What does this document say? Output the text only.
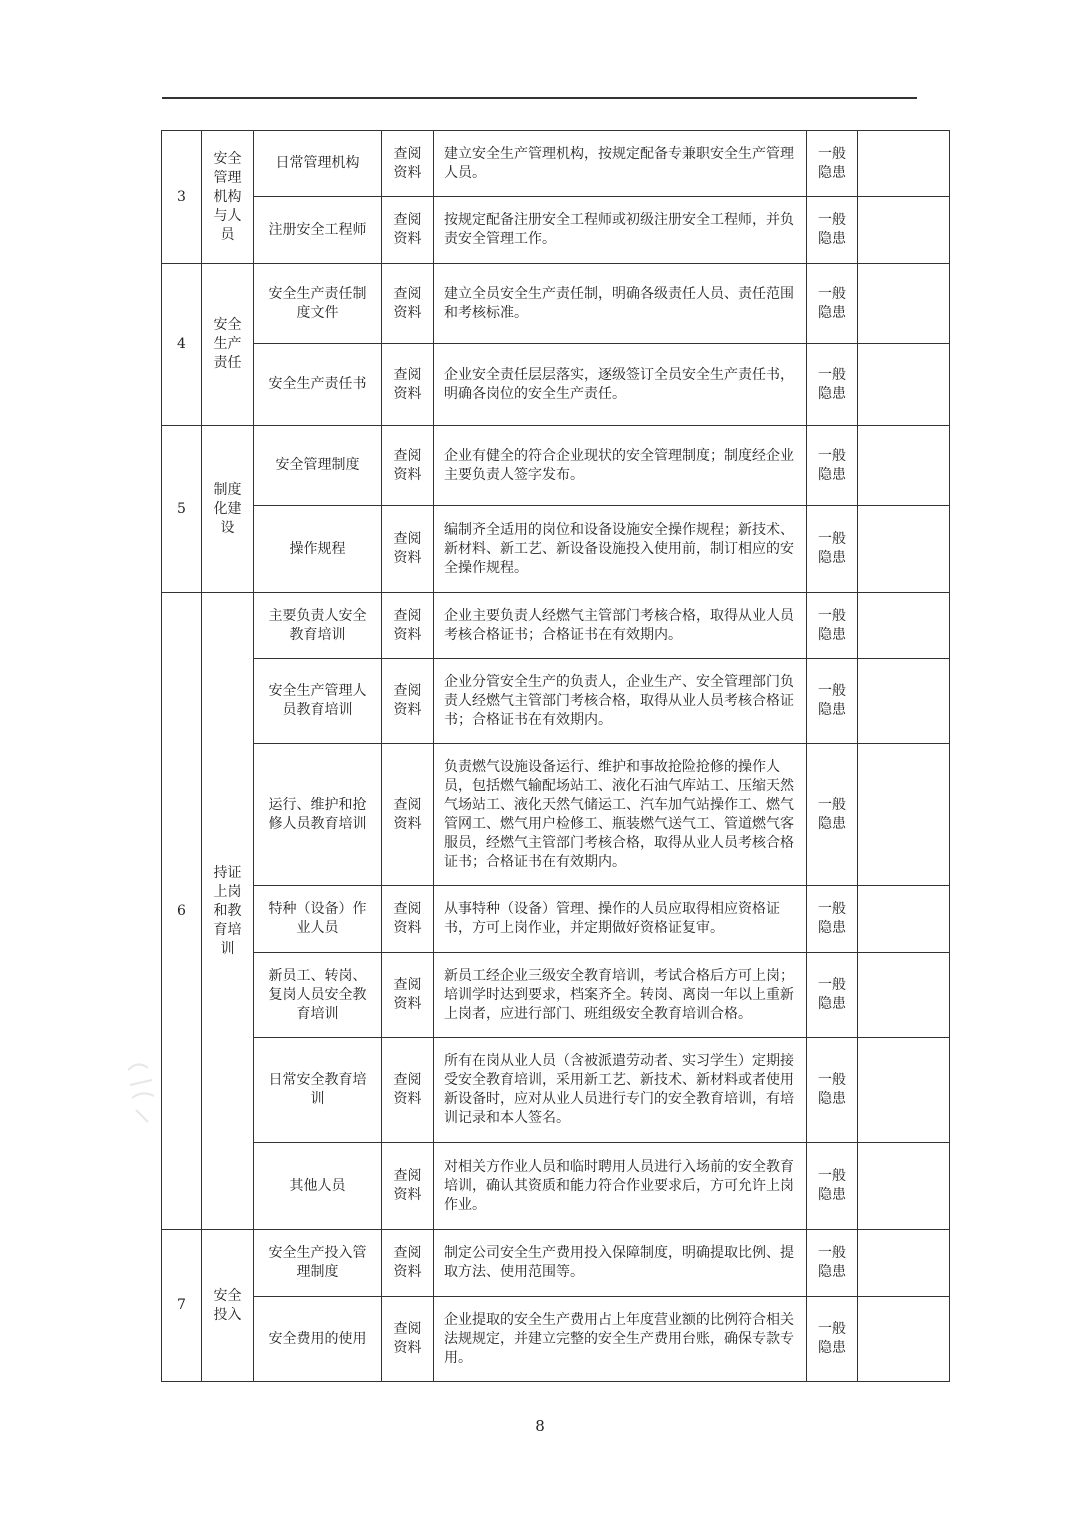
3	安全管理机构与人员	日常管理机构	查阅资料	建立安全生产管理机构，按规定配备专兼职安全生产管理人员。	一般隐患	
		注册安全工程师	查阅资料	按规定配备注册安全工程师或初级注册安全工程师，并负责安全管理工作。	一般隐患	
4	安全生产责任	安全生产责任制度文件	查阅资料	建立全员安全生产责任制，明确各级责任人员、责任范围和考核标准。	一般隐患	
		安全生产责任书	查阅资料	企业安全责任层层落实，逐级签订全员安全生产责任书，明确各岗位的安全生产责任。	一般隐患	
5	制度化建设	安全管理制度	查阅资料	企业有健全的符合企业现状的安全管理制度；制度经企业主要负责人签字发布。	一般隐患	
		操作规程	查阅资料	编制齐全适用的岗位和设备设施安全操作规程；新技术、新材料、新工艺、新设备设施投入使用前，制订相应的安全操作规程。	一般隐患	
6	持证上岗和教育培训	主要负责人安全教育培训	查阅资料	企业主要负责人经燃气主管部门考核合格，取得从业人员考核合格证书；合格证书在有效期内。	一般隐患	
		安全生产管理人员教育培训	查阅资料	企业分管安全生产的负责人，企业生产、安全管理部门负责人经燃气主管部门考核合格，取得从业人员考核合格证书；合格证书在有效期内。	一般隐患	
		运行、维护和抢修人员教育培训	查阅资料	负责燃气设施设备运行、维护和事故抢险抢修的操作人员，包括燃气输配场站工、液化石油气库站工、压缩天然气场站工、液化天然气储运工、汽车加气站操作工、燃气管网工、燃气用户检修工、瓶装燃气送气工、管道燃气客服员，经燃气主管部门考核合格，取得从业人员考核合格证书；合格证书在有效期内。	一般隐患	
		特种（设备）作业人员	查阅资料	从事特种（设备）管理、操作的人员应取得相应资格证书，方可上岗作业，并定期做好资格证复审。	一般隐患	
		新员工、转岗、复岗人员安全教育培训	查阅资料	新员工经企业三级安全教育培训，考试合格后方可上岗；培训学时达到要求，档案齐全。转岗、离岗一年以上重新上岗者，应进行部门、班组级安全教育培训合格。	一般隐患	
		日常安全教育培训	查阅资料	所有在岗从业人员（含被派遣劳动者、实习学生）定期接受安全教育培训，采用新工艺、新技术、新材料或者使用新设备时，应对从业人员进行专门的安全教育培训，有培训记录和本人签名。	一般隐患	
		其他人员	查阅资料	对相关方作业人员和临时聘用人员进行入场前的安全教育培训，确认其资质和能力符合作业要求后，方可允许上岗作业。	一般隐患	
7	安全投入	安全生产投入管理制度	查阅资料	制定公司安全生产费用投入保障制度，明确提取比例、提取方法、使用范围等。	一般隐患	
		安全费用的使用	查阅资料	企业提取的安全生产费用占上年度营业额的比例符合相关法规规定，并建立完整的安全生产费用台账，确保专款专用。	一般隐患	
8
